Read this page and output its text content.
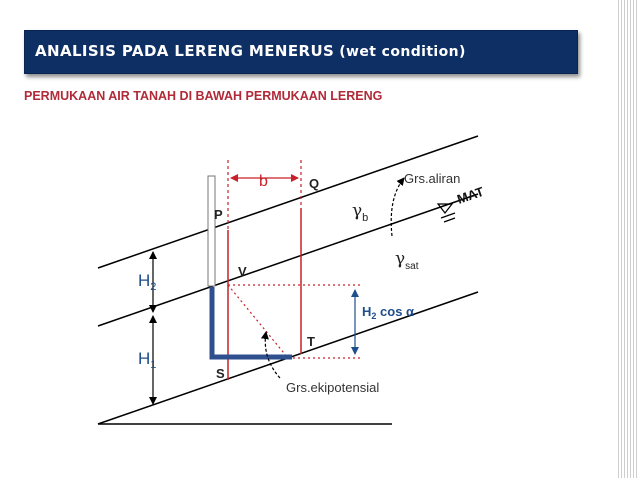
ANALISIS PADA LERENG MENERUS (wet condition)
PERMUKAAN AIR TANAH DI BAWAH PERMUKAAN LERENG
b	Q
P
V
T
S
$H_2$
$H_1$
$\gamma_b$
$\gamma_{sat}$
$H_2$ cos α
Grs.aliran
Grs.ekipotensial
MAT
